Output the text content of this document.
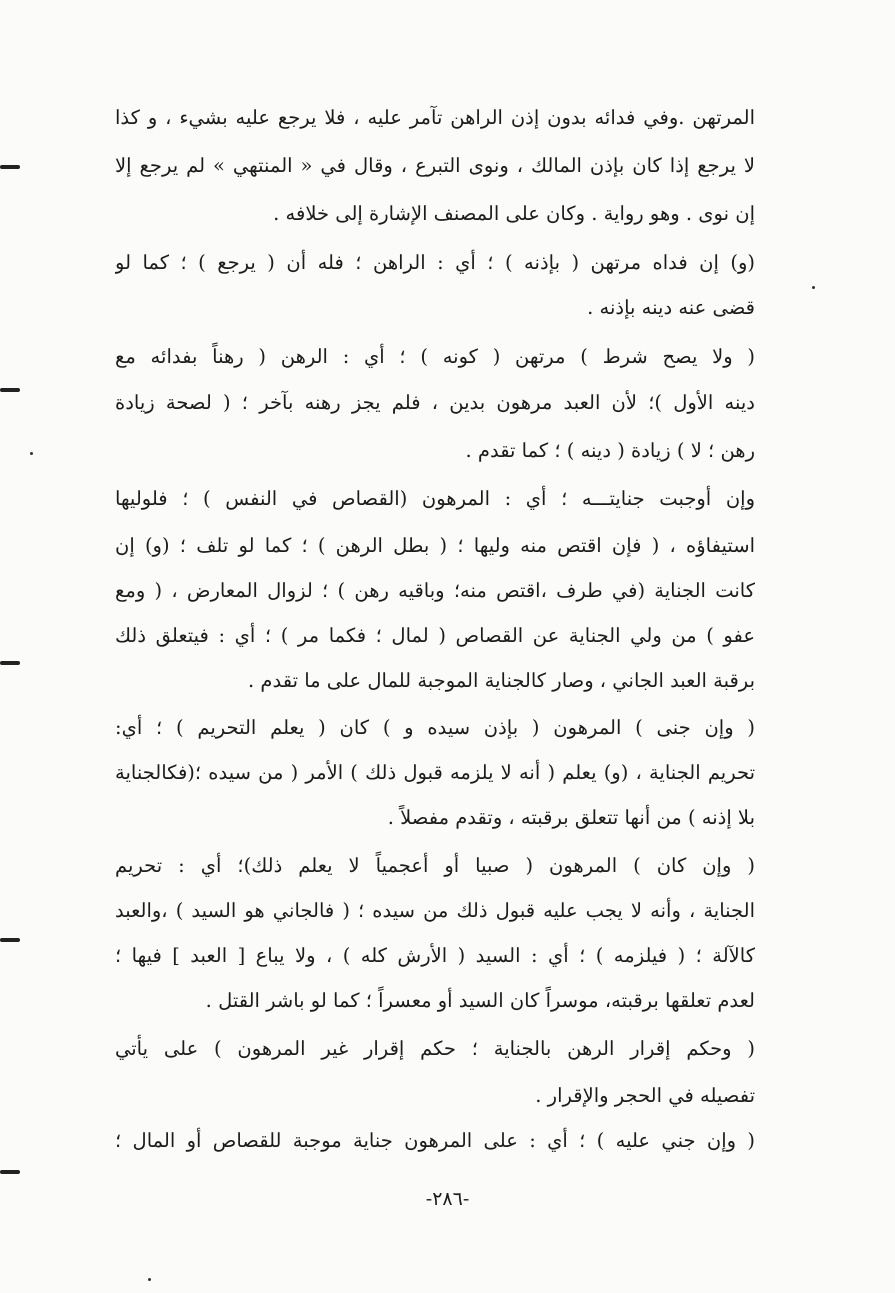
المرتهن .وفي فدائه بدون إذن الراهن تآمر عليه ، فلا يرجع عليه بشيء ، و كذا
لا يرجع إذا كان بإذن المالك ، ونوى التبرع ، وقال في « المنتهي » لم يرجع إلا
إن نوى . وهو رواية . وكان على المصنف الإشارة إلى خلافه .
(و) إن فداه مرتهن ( بإذنه ) ؛ أي : الراهن ؛ فله أن ( يرجع ) ؛ كما لو
قضى عنه دينه بإذنه .
( ولا يصح شرط ) مرتهن ( كونه ) ؛ أي : الرهن ( رهناً بفدائه مع
دينه الأول )؛ لأن العبد مرهون بدين ، فلم يجز رهنه بآخر ؛ ( لصحة زيادة
رهن ؛ لا ) زيادة ( دينه ) ؛ كما تقدم .
وإن أوجبت جنايتـــه ؛ أي : المرهون (القصاص في النفس ) ؛ فلوليها
استيفاؤه ، ( فإن اقتص منه وليها ؛ ( بطل الرهن ) ؛ كما لو تلف ؛ (و) إن
كانت الجناية (في طرف ،اقتص منه؛ وباقيه رهن ) ؛ لزوال المعارض ، ( ومع
عفو ) من ولي الجناية عن القصاص ( لمال ؛ فكما مر ) ؛ أي : فيتعلق ذلك
برقبة العبد الجاني ، وصار كالجناية الموجبة للمال على ما تقدم .
( وإن جنى ) المرهون ( بإذن سيده و ) كان ( يعلم التحريم ) ؛ أي:
تحريم الجناية ، (و) يعلم ( أنه لا يلزمه قبول ذلك ) الأمر ( من سيده ؛(فكالجناية
بلا إذنه ) من أنها تتعلق برقبته ، وتقدم مفصلاً .
( وإن كان ) المرهون ( صبيا أو أعجمياً لا يعلم ذلك)؛ أي : تحريم
الجناية ، وأنه لا يجب عليه قبول ذلك من سيده ؛ ( فالجاني هو السيد ) ،والعبد
كالآلة ؛ ( فيلزمه ) ؛ أي : السيد ( الأرش كله ) ، ولا يباع [ العبد ] فيها ؛
لعدم تعلقها برقبته، موسراً كان السيد أو معسراً ؛ كما لو باشر القتل .
( وحكم إقرار الرهن بالجناية ؛ حكم إقرار غير المرهون ) على يأتي
تفصيله في الحجر والإقرار .
( وإن جني عليه ) ؛ أي : على المرهون جناية موجبة للقصاص أو المال ؛
-٢٨٦-
